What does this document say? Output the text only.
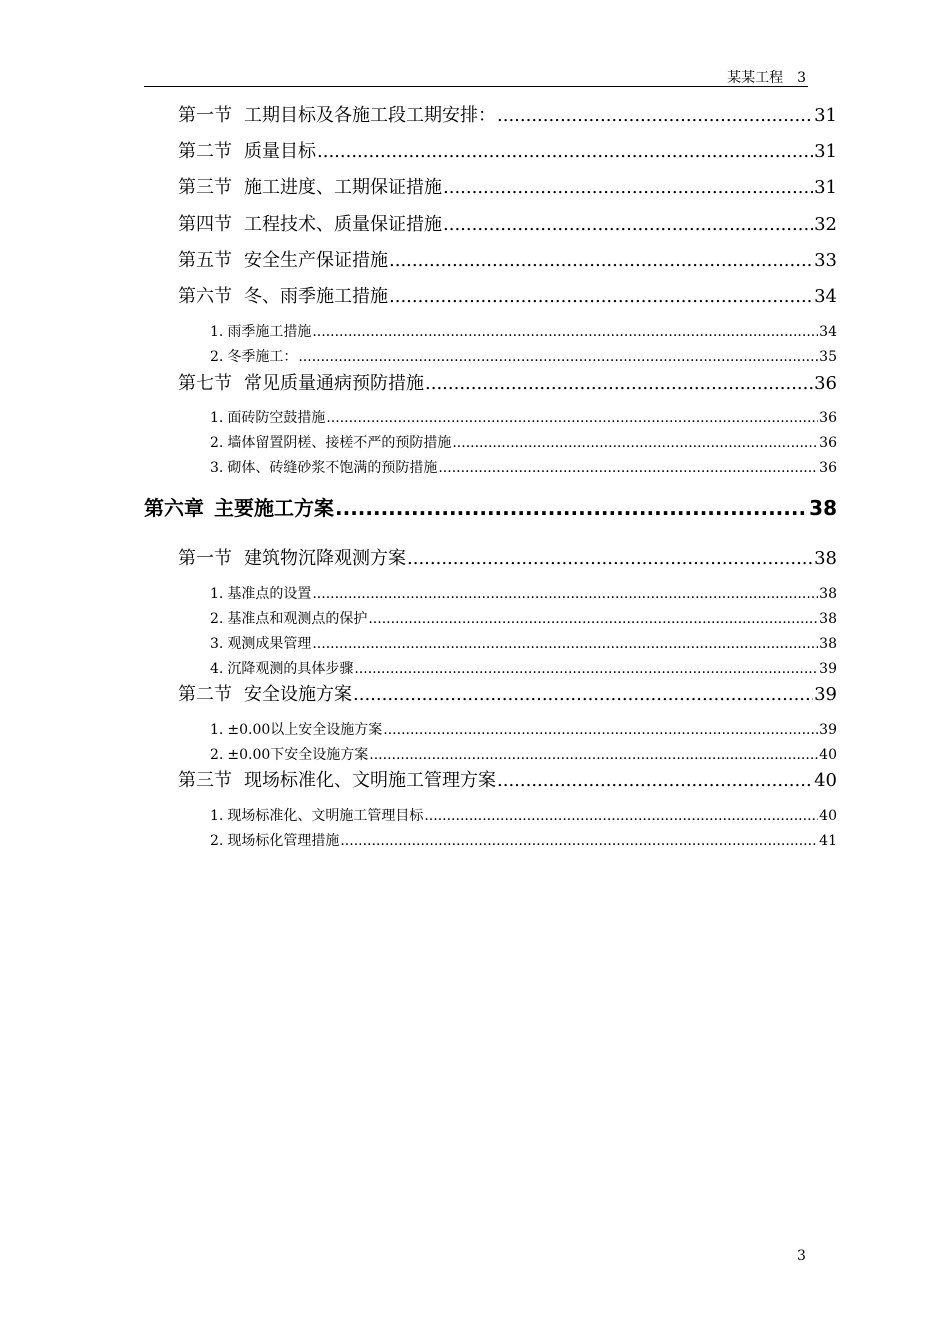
某某工程 3
第一节 工期目标及各施工段工期安排： .....	31
第二节 质量目标 .....	31
第三节 施工进度、工期保证措施 .....	31
第四节 工程技术、质量保证措施 .....	32
第五节 安全生产保证措施 .....	33
第六节 冬、雨季施工措施 .....	34
1. 雨季施工措施 .....	34
2. 冬季施工： .....	35
第七节 常见质量通病预防措施 .....	36
1. 面砖防空鼓措施 .....	36
2. 墙体留置阴槎、接槎不严的预防措施 .....	36
3. 砌体、砖缝砂浆不饱满的预防措施 .....	36
第六章 主要施工方案 .....	38
第一节 建筑物沉降观测方案 .....	38
1. 基准点的设置 .....	38
2. 基准点和观测点的保护 .....	38
3. 观测成果管理 .....	38
4. 沉降观测的具体步骤 .....	39
第二节 安全设施方案 .....	39
1. ±0.00以上安全设施方案 .....	39
2. ±0.00下安全设施方案 .....	40
第三节 现场标准化、文明施工管理方案 .....	40
1. 现场标准化、文明施工管理目标 .....	40
2. 现场标化管理措施 .....	41
3
